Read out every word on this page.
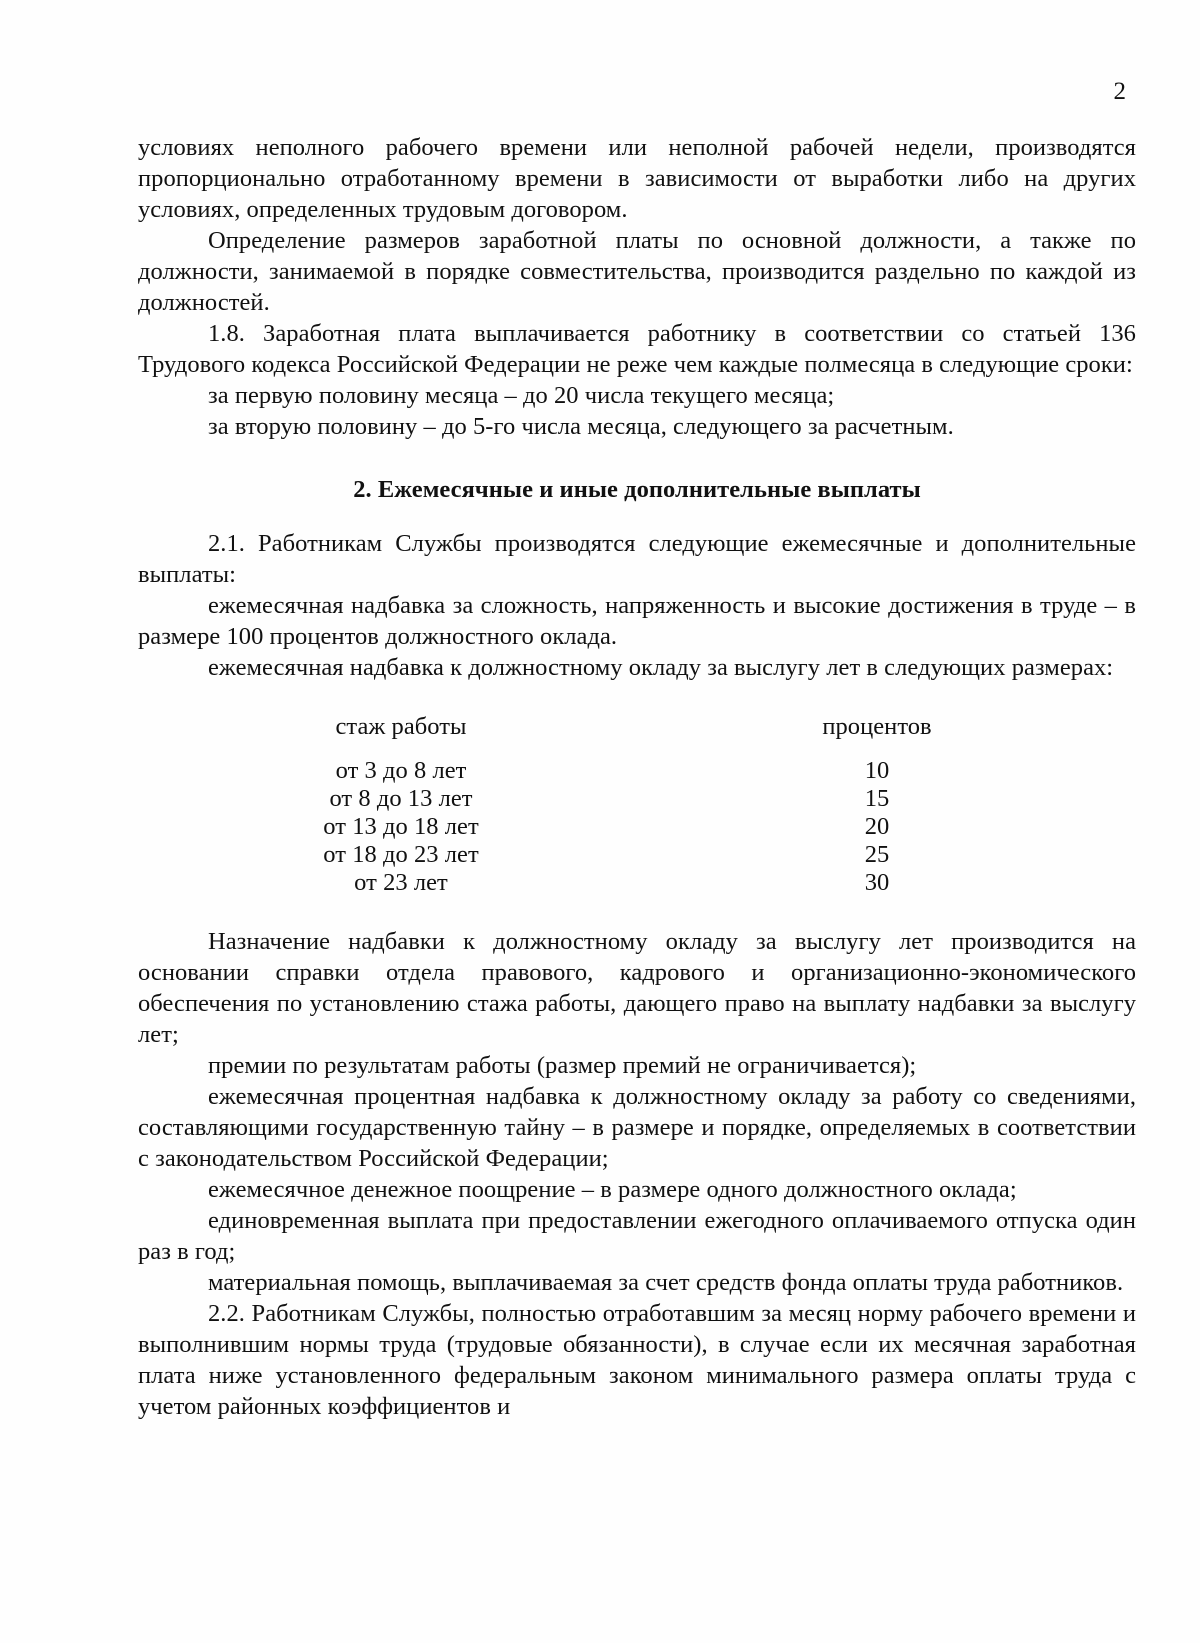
2

условиях неполного рабочего времени или неполной рабочей недели, производятся пропорционально отработанному времени в зависимости от выработки либо на других условиях, определенных трудовым договором.

Определение размеров заработной платы по основной должности, а также по должности, занимаемой в порядке совместительства, производится раздельно по каждой из должностей.

1.8. Заработная плата выплачивается работнику в соответствии со статьей 136 Трудового кодекса Российской Федерации не реже чем каждые полмесяца в следующие сроки:

за первую половину месяца – до 20 числа текущего месяца;

за вторую половину – до 5-го числа месяца, следующего за расчетным.

2. Ежемесячные и иные дополнительные выплаты

2.1. Работникам Службы производятся следующие ежемесячные и дополнительные выплаты:

ежемесячная надбавка за сложность, напряженность и высокие достижения в труде – в размере 100 процентов должностного оклада.

ежемесячная надбавка к должностному окладу за выслугу лет в следующих размерах:

стаж работы	процентов
от 3 до 8 лет	10
от 8 до 13 лет	15
от 13 до 18 лет	20
от 18 до 23 лет	25
от 23 лет	30

Назначение надбавки к должностному окладу за выслугу лет производится на основании справки отдела правового, кадрового и организационно-экономического обеспечения по установлению стажа работы, дающего право на выплату надбавки за выслугу лет;

премии по результатам работы (размер премий не ограничивается);

ежемесячная процентная надбавка к должностному окладу за работу со сведениями, составляющими государственную тайну – в размере и порядке, определяемых в соответствии с законодательством Российской Федерации;

ежемесячное денежное поощрение – в размере одного должностного оклада;

единовременная выплата при предоставлении ежегодного оплачиваемого отпуска один раз в год;

материальная помощь, выплачиваемая за счет средств фонда оплаты труда работников.

2.2. Работникам Службы, полностью отработавшим за месяц норму рабочего времени и выполнившим нормы труда (трудовые обязанности), в случае если их месячная заработная плата ниже установленного федеральным законом минимального размера оплаты труда с учетом районных коэффициентов и
